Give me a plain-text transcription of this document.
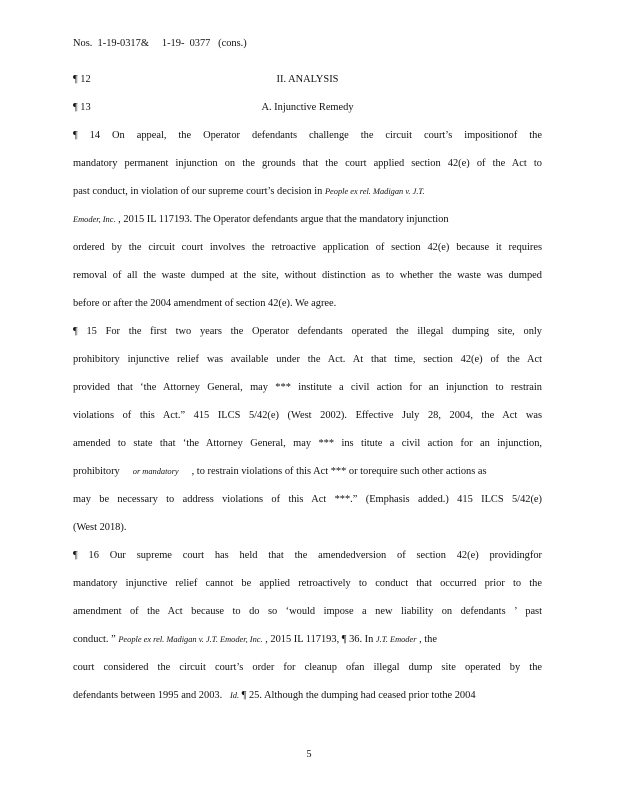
Nos.  1-19-0317&     1-19-  0377   (cons.)
¶ 12	II. ANALYSIS
¶ 13	A. Injunctive Remedy
¶ 14 On appeal, the Operator defendants challenge the circuit court’s impositionof the
mandatory permanent injunction on the grounds that the court applied section 42(e) of the Act to
past conduct, in violation of our supreme court’s decision in People ex rel. Madigan v. J.T.
Emoder, Inc. , 2015 IL 117193. The Operator defendants argue that the mandatory injunction
ordered by the circuit court involves the retroactive application of section 42(e) because it requires
removal of all the waste dumped at the site, without distinction as to whether the waste was dumped
before or after the 2004 amendment of section 42(e). We agree.
¶ 15 For the first two years the Operator defendants operated the illegal dumping site, only
prohibitory injunctive relief was available under the Act. At that time, section 42(e) of the Act
provided that ‘the Attorney General, may *** institute a civil action for an injunction to restrain
violations of this Act.” 415 ILCS 5/42(e) (West 2002). Effective July 28, 2004, the Act was
amended to state that ‘the Attorney General, may *** ins titute a civil action for an injunction,
prohibitory or mandatory , to restrain violations of this Act *** or torequire such other actions as
may be necessary to address violations of this Act ***.” (Emphasis added.) 415 ILCS 5/42(e)
(West 2018).
¶ 16 Our supreme court has held that the amendedversion of section 42(e) providingfor
mandatory injunctive relief cannot be applied retroactively to conduct that occurred prior to the
amendment of the Act because to do so ‘would impose a new liability on defendants ’ past
conduct. ” People ex rel. Madigan v. J.T. Emoder, Inc. , 2015 IL 117193, ¶ 36. In J.T. Emoder , the
court considered the circuit court’s order for cleanup ofan illegal dump site operated by the
defendants between 1995 and 2003. Id. ¶ 25. Although the dumping had ceased prior tothe 2004
5
